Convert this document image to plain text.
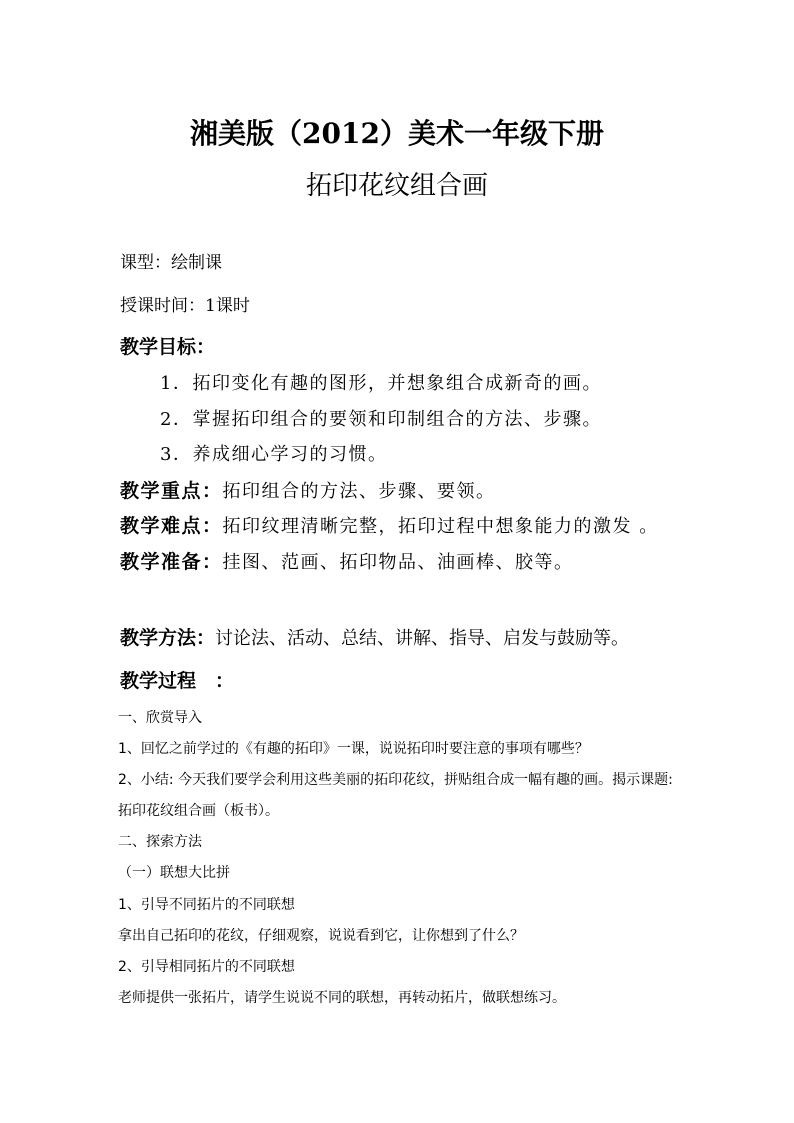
湘美版（2012）美术一年级下册
拓印花纹组合画
课型：绘制课
授课时间：1课时
教学目标：
1．拓印变化有趣的图形，并想象组合成新奇的画。
2．掌握拓印组合的要领和印制组合的方法、步骤。
3．养成细心学习的习惯。
教学重点：拓印组合的方法、步骤、要领。
教学难点：拓印纹理清晰完整，拓印过程中想象能力的激发 。
教学准备：挂图、范画、拓印物品、油画棒、胶等。
教学方法：讨论法、活动、总结、讲解、指导、启发与鼓励等。
教学过程　：
一、欣赏导入
1、回忆之前学过的《有趣的拓印》一课，说说拓印时要注意的事项有哪些？
2、小结: 今天我们要学会利用这些美丽的拓印花纹，拼贴组合成一幅有趣的画。揭示课题:
拓印花纹组合画（板书）。
二、探索方法
（一）联想大比拼
1、引导不同拓片的不同联想
拿出自己拓印的花纹，仔细观察，说说看到它，让你想到了什么？
2、引导相同拓片的不同联想
老师提供一张拓片，请学生说说不同的联想，再转动拓片，做联想练习。
